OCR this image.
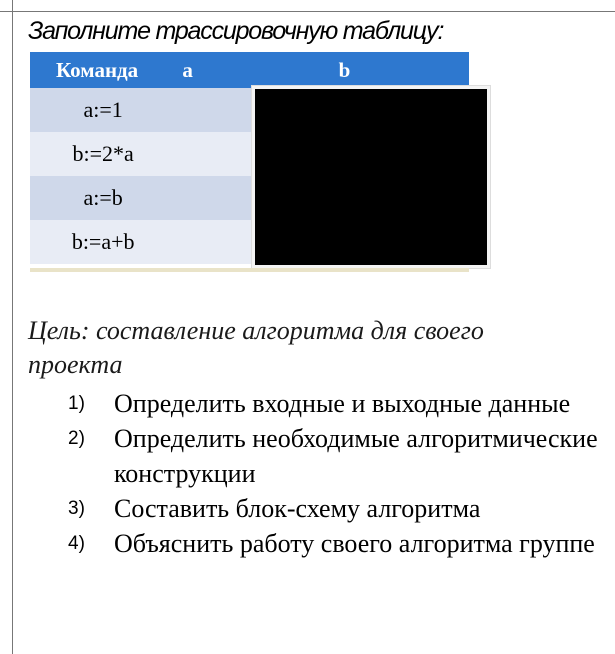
Заполните трассировочную таблицу:
Команда	a	b
a:=1		
b:=2*a		
a:=b		
b:=a+b		
Цель: составление алгоритма для своего проекта
1) Определить входные и выходные данные
2) Определить необходимые алгоритмические конструкции
3) Составить блок-схему алгоритма
4) Объяснить работу своего алгоритма группе
